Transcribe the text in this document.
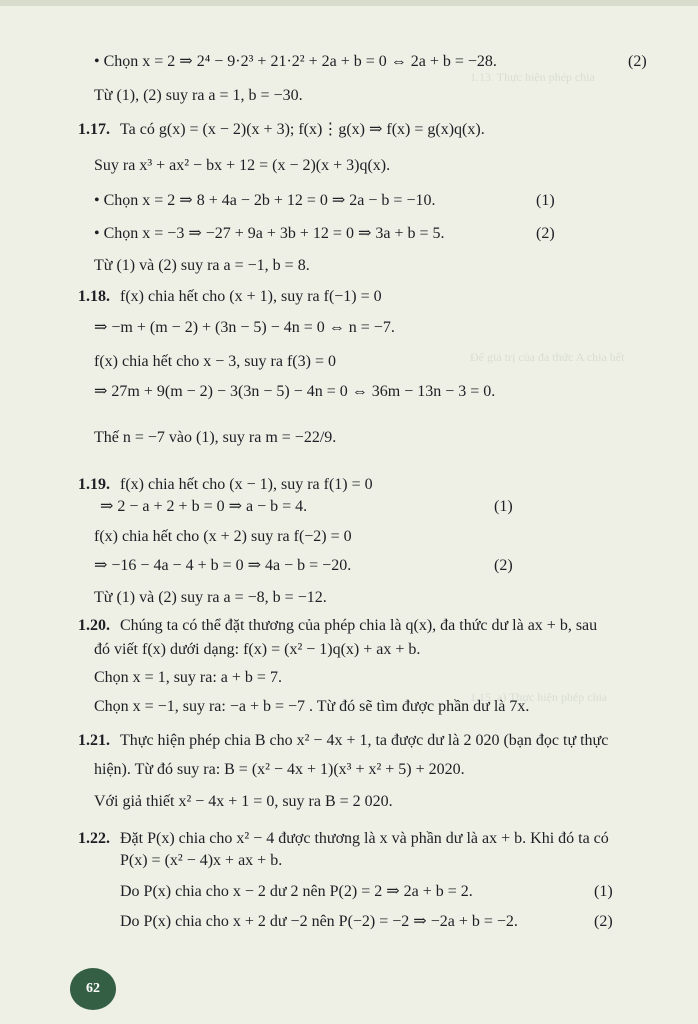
1.13. Thực hiện phép chia
Để giá trị của đa thức A chia hết
1.15. a) Thực hiện phép chia
• Chọn x = 2 ⇒ 2⁴ − 9·2³ + 21·2² + 2a + b = 0 ⇔ 2a + b = −28.	(2)
Từ (1), (2) suy ra a = 1, b = −30.
1.17. Ta có g(x) = (x − 2)(x + 3); f(x)⋮g(x) ⇒ f(x) = g(x)q(x).
Suy ra x³ + ax² − bx + 12 = (x − 2)(x + 3)q(x).
• Chọn x = 2 ⇒ 8 + 4a − 2b + 12 = 0 ⇒ 2a − b = −10.	(1)
• Chọn x = −3 ⇒ −27 + 9a + 3b + 12 = 0 ⇒ 3a + b = 5.	(2)
Từ (1) và (2) suy ra a = −1, b = 8.
1.18. f(x) chia hết cho (x + 1), suy ra f(−1) = 0
⇒ −m + (m − 2) + (3n − 5) − 4n = 0 ⇔ n = −7.
f(x) chia hết cho x − 3, suy ra f(3) = 0
⇒ 27m + 9(m − 2) − 3(3n − 5) − 4n = 0 ⇔ 36m − 13n − 3 = 0.
Thế n = −7 vào (1), suy ra m = −22/9.
1.19. f(x) chia hết cho (x − 1), suy ra f(1) = 0
⇒ 2 − a + 2 + b = 0 ⇒ a − b = 4.	(1)
f(x) chia hết cho (x + 2) suy ra f(−2) = 0
⇒ −16 − 4a − 4 + b = 0 ⇒ 4a − b = −20.	(2)
Từ (1) và (2) suy ra a = −8, b = −12.
1.20. Chúng ta có thể đặt thương của phép chia là q(x), đa thức dư là ax + b, sau
đó viết f(x) dưới dạng: f(x) = (x² − 1)q(x) + ax + b.
Chọn x = 1, suy ra: a + b = 7.
Chọn x = −1, suy ra: −a + b = −7 . Từ đó sẽ tìm được phần dư là 7x.
1.21. Thực hiện phép chia B cho x² − 4x + 1, ta được dư là 2 020 (bạn đọc tự thực
hiện). Từ đó suy ra: B = (x² − 4x + 1)(x³ + x² + 5) + 2020.
Với giả thiết x² − 4x + 1 = 0, suy ra B = 2 020.
1.22. Đặt P(x) chia cho x² − 4 được thương là x và phần dư là ax + b. Khi đó ta có
P(x) = (x² − 4)x + ax + b.
Do P(x) chia cho x − 2 dư 2 nên P(2) = 2 ⇒ 2a + b = 2.	(1)
Do P(x) chia cho x + 2 dư −2 nên P(−2) = −2 ⇒ −2a + b = −2.	(2)
62
